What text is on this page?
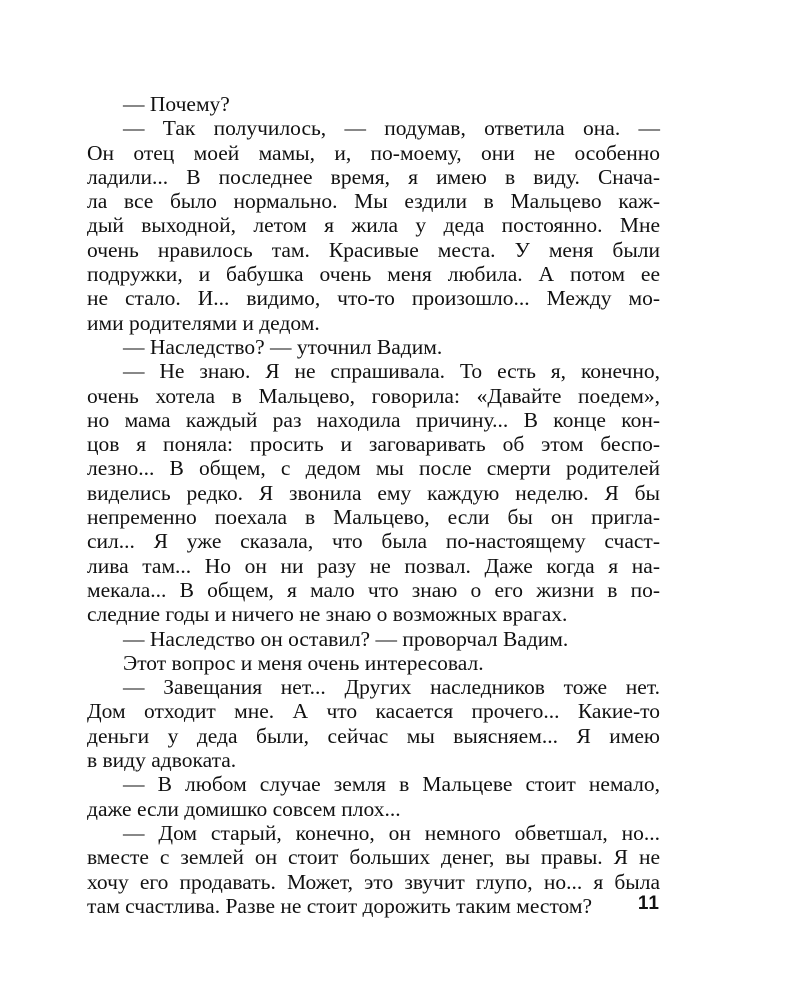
— Почему?
— Так получилось, — подумав, ответила она. —
Он отец моей мамы, и, по-моему, они не особенно
ладили... В последнее время, я имею в виду. Снача-
ла все было нормально. Мы ездили в Мальцево каж-
дый выходной, летом я жила у деда постоянно. Мне
очень нравилось там. Красивые места. У меня были
подружки, и бабушка очень меня любила. А потом ее
не стало. И... видимо, что-то произошло... Между мо-
ими родителями и дедом.
— Наследство? — уточнил Вадим.
— Не знаю. Я не спрашивала. То есть я, конечно,
очень хотела в Мальцево, говорила: «Давайте поедем»,
но мама каждый раз находила причину... В конце кон-
цов я поняла: просить и заговаривать об этом беспо-
лезно... В общем, с дедом мы после смерти родителей
виделись редко. Я звонила ему каждую неделю. Я бы
непременно поехала в Мальцево, если бы он пригла-
сил... Я уже сказала, что была по-настоящему счаст-
лива там... Но он ни разу не позвал. Даже когда я на-
мекала... В общем, я мало что знаю о его жизни в по-
следние годы и ничего не знаю о возможных врагах.
— Наследство он оставил? — проворчал Вадим.
Этот вопрос и меня очень интересовал.
— Завещания нет... Других наследников тоже нет.
Дом отходит мне. А что касается прочего... Какие-то
деньги у деда были, сейчас мы выясняем... Я имею
в виду адвоката.
— В любом случае земля в Мальцеве стоит немало,
даже если домишко совсем плох...
— Дом старый, конечно, он немного обветшал, но...
вместе с землей он стоит больших денег, вы правы. Я не
хочу его продавать. Может, это звучит глупо, но... я была
там счастлива. Разве не стоит дорожить таким местом?	11
